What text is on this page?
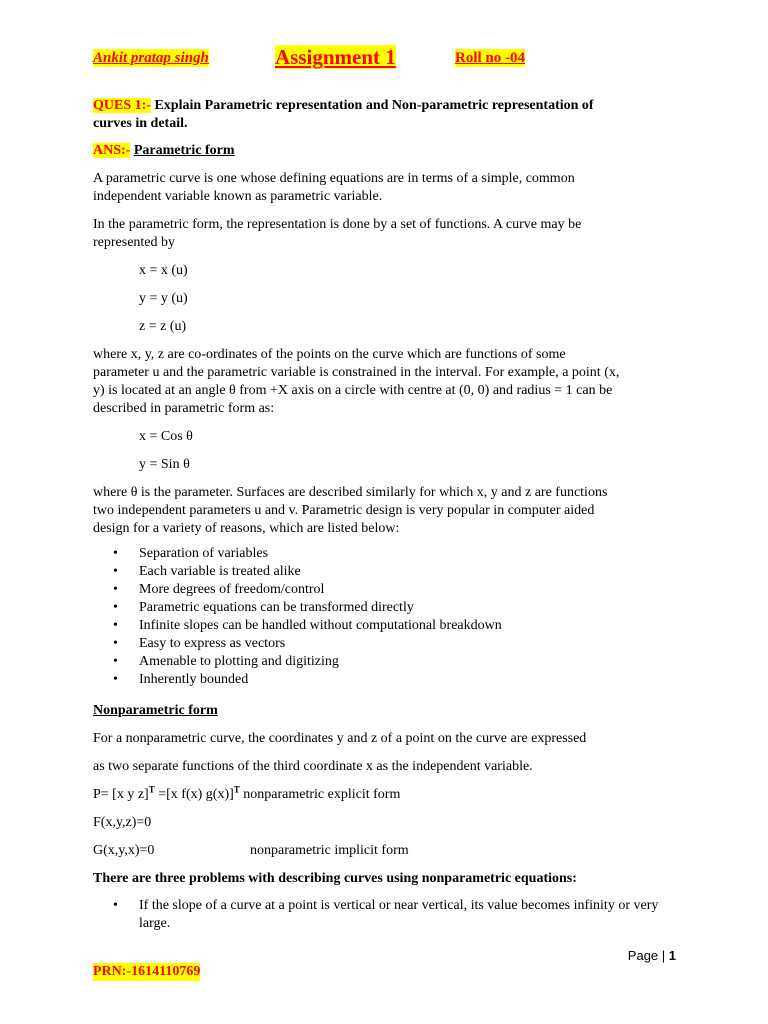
Ankit pratap singh	Assignment 1	Roll no -04

QUES 1:- Explain Parametric representation and Non-parametric representation of

curves in detail.

ANS:- Parametric form

A parametric curve is one whose defining equations are in terms of a simple, common

independent variable known as parametric variable.

In the parametric form, the representation is done by a set of functions. A curve may be

represented by

x = x (u)

y = y (u)

z = z (u)

where x, y, z are co-ordinates of the points on the curve which are functions of some

parameter u and the parametric variable is constrained in the interval. For example, a point (x,

y) is located at an angle θ from +X axis on a circle with centre at (0, 0) and radius = 1 can be

described in parametric form as:

x = Cos θ

y = Sin θ

where θ is the parameter. Surfaces are described similarly for which x, y and z are functions

two independent parameters u and v. Parametric design is very popular in computer aided

design for a variety of reasons, which are listed below:

• Separation of variables
• Each variable is treated alike
• More degrees of freedom/control
• Parametric equations can be transformed directly
• Infinite slopes can be handled without computational breakdown
• Easy to express as vectors
• Amenable to plotting and digitizing
• Inherently bounded

Nonparametric form

For a nonparametric curve, the coordinates y and z of a point on the curve are expressed

as two separate functions of the third coordinate x as the independent variable.

P= [x y z]$^T$ =[x f(x) g(x)]$^T$ nonparametric explicit form

F(x,y,z)=0

G(x,y,x)=0	nonparametric implicit form

There are three problems with describing curves using nonparametric equations:

• If the slope of a curve at a point is vertical or near vertical, its value becomes infinity or very large.
Page | 1
PRN:-1614110769
